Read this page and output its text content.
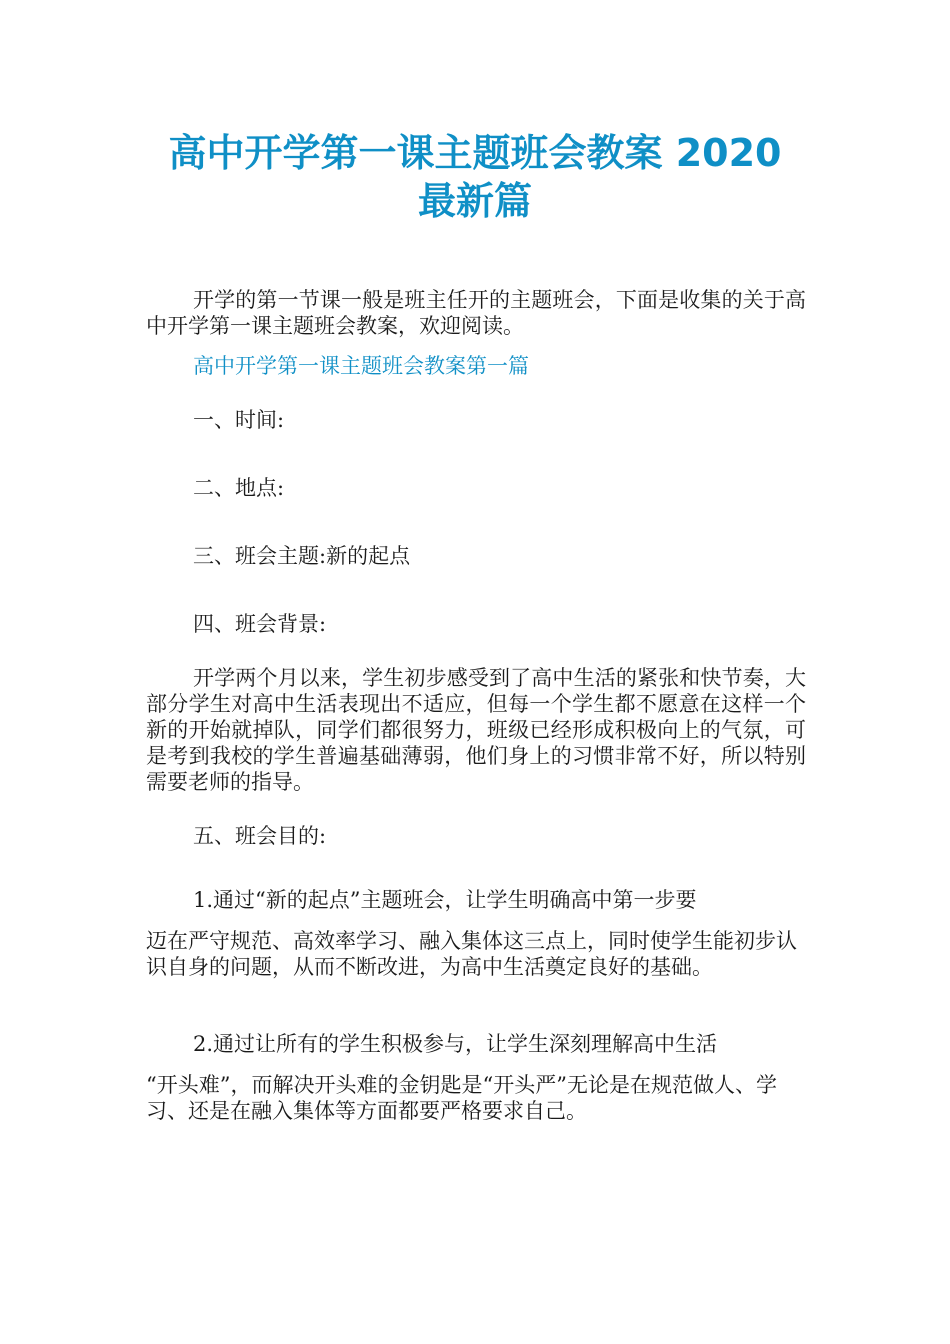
高中开学第一课主题班会教案 2020
最新篇

开学的第一节课一般是班主任开的主题班会，下面是收集的关于高中开学第一课主题班会教案，欢迎阅读。

高中开学第一课主题班会教案第一篇

一、时间:

二、地点:

三、班会主题:新的起点

四、班会背景:

开学两个月以来，学生初步感受到了高中生活的紧张和快节奏，大部分学生对高中生活表现出不适应，但每一个学生都不愿意在这样一个新的开始就掉队，同学们都很努力，班级已经形成积极向上的气氛，可是考到我校的学生普遍基础薄弱，他们身上的习惯非常不好，所以特别需要老师的指导。

五、班会目的:

1.通过“新的起点”主题班会，让学生明确高中第一步要

迈在严守规范、高效率学习、融入集体这三点上，同时使学生能初步认识自身的问题，从而不断改进，为高中生活奠定良好的基础。

2.通过让所有的学生积极参与，让学生深刻理解高中生活

“开头难”，而解决开头难的金钥匙是“开头严”无论是在规范做人、学习、还是在融入集体等方面都要严格要求自己。
